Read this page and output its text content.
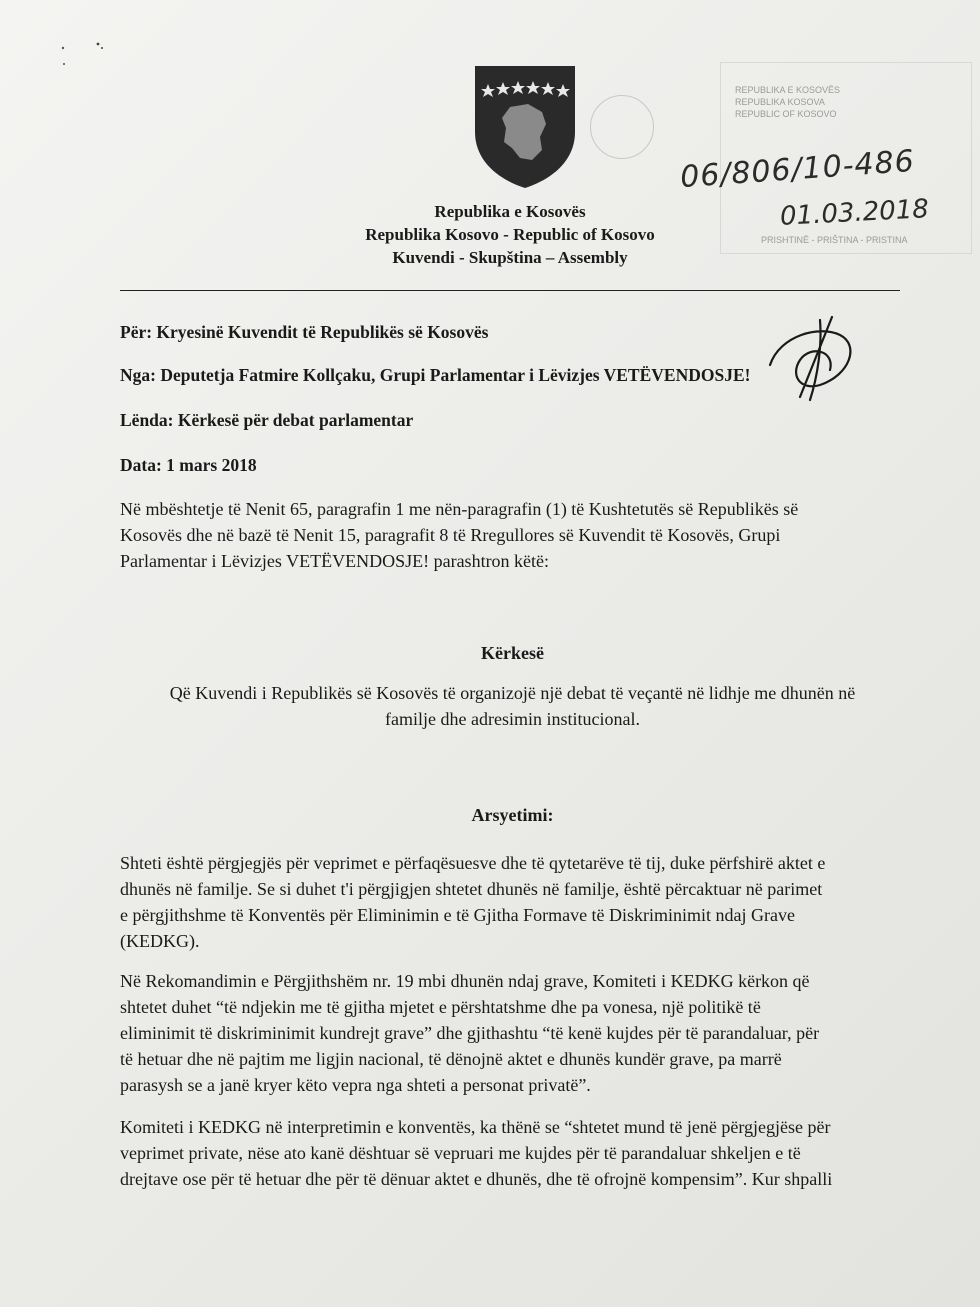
Republika e Kosovës
Republika Kosovo - Republic of Kosovo
Kuvendi - Skupština – Assembly
REPUBLIKA E KOSOVËS
REPUBLIKA KOSOVA
REPUBLIC OF KOSOVO
PRISHTINË - PRIŠTINA - PRISTINA
06/806/10-486
01.03.2018
Për: Kryesinë Kuvendit të Republikës së Kosovës
Nga: Deputetja Fatmire Kollçaku, Grupi Parlamentar i Lëvizjes VETËVENDOSJE!
Lënda: Kërkesë për debat parlamentar
Data: 1 mars 2018
Në mbështetje të Nenit 65, paragrafin 1 me nën-paragrafin (1) të Kushtetutës së Republikës së
Kosovës dhe në bazë të Nenit 15, paragrafit 8 të Rregullores së Kuvendit të Kosovës, Grupi
Parlamentar i Lëvizjes VETËVENDOSJE! parashtron këtë:
Kërkesë
Që Kuvendi i Republikës së Kosovës të organizojë një debat të veçantë në lidhje me dhunën në
familje dhe adresimin institucional.
Arsyetimi:
Shteti është përgjegjës për veprimet e përfaqësuesve dhe të qytetarëve të tij, duke përfshirë aktet e
dhunës në familje. Se si duhet t'i përgjigjen shtetet dhunës në familje, është përcaktuar në parimet
e përgjithshme të Konventës për Eliminimin e të Gjitha Formave të Diskriminimit ndaj Grave
(KEDKG).
Në Rekomandimin e Përgjithshëm nr. 19 mbi dhunën ndaj grave, Komiteti i KEDKG kërkon që
shtetet duhet “të ndjekin me të gjitha mjetet e përshtatshme dhe pa vonesa, një politikë të
eliminimit të diskriminimit kundrejt grave” dhe gjithashtu “të kenë kujdes për të parandaluar, për
të hetuar dhe në pajtim me ligjin nacional, të dënojnë aktet e dhunës kundër grave, pa marrë
parasysh se a janë kryer këto vepra nga shteti a personat privatë”.
Komiteti i KEDKG në interpretimin e konventës, ka thënë se “shtetet mund të jenë përgjegjëse për
veprimet private, nëse ato kanë dështuar së vepruari me kujdes për të parandaluar shkeljen e të
drejtave ose për të hetuar dhe për të dënuar aktet e dhunës, dhe të ofrojnë kompensim”. Kur shpalli
